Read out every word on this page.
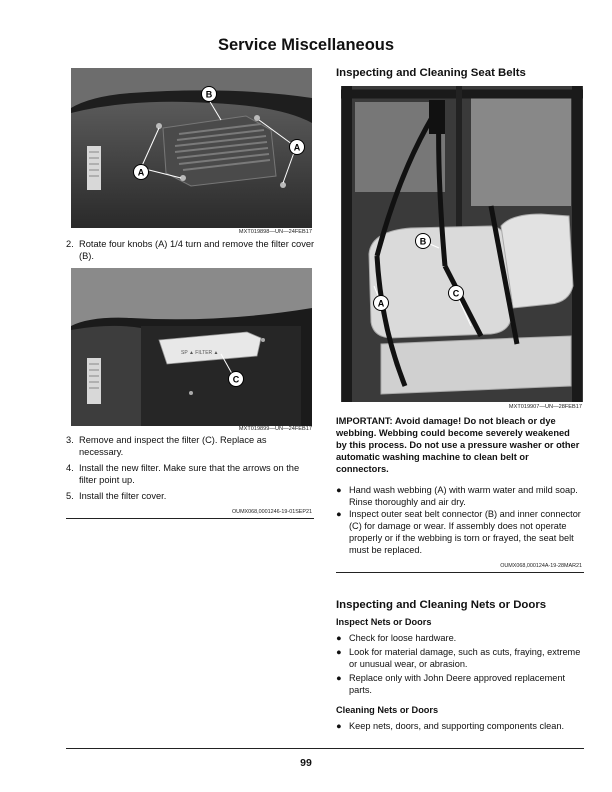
Service Miscellaneous
B
A
A
MXT019898—UN—24FEB17
2. Rotate four knobs (A) 1/4 turn and remove the filter cover (B).
SP ▲ FILTER ▲
C
MXT019899—UN—24FEB17
3. Remove and inspect the filter (C). Replace as necessary.
4. Install the new filter. Make sure that the arrows on the filter point up.
5. Install the filter cover.
OUMX068,0001246-19-01SEP21
Inspecting and Cleaning Seat Belts
B
A
C
MXT019907—UN—28FEB17
IMPORTANT: Avoid damage! Do not bleach or dye webbing. Webbing could become severely weakened by this process. Do not use a pressure washer or other automatic washing machine to clean belt or connectors.
● Hand wash webbing (A) with warm water and mild soap. Rinse thoroughly and air dry.
● Inspect outer seat belt connector (B) and inner connector (C) for damage or wear. If assembly does not operate properly or if the webbing is torn or frayed, the seat belt must be replaced.
OUMX068,000124A-19-28MAR21
Inspecting and Cleaning Nets or Doors
Inspect Nets or Doors
● Check for loose hardware.
● Look for material damage, such as cuts, fraying, extreme or unusual wear, or abrasion.
● Replace only with John Deere approved replacement parts.
Cleaning Nets or Doors
● Keep nets, doors, and supporting components clean.
99
